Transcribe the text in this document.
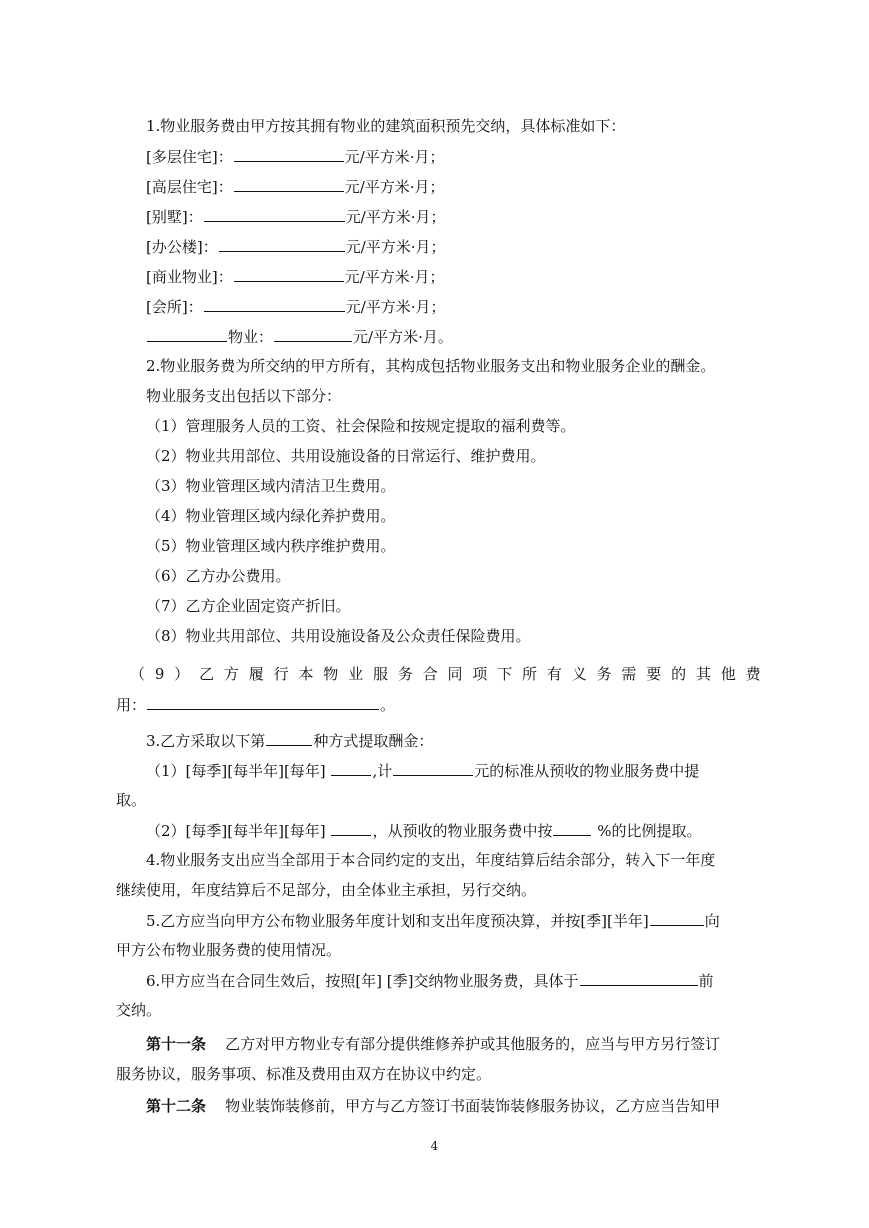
1.物业服务费由甲方按其拥有物业的建筑面积预先交纳，具体标准如下：
[多层住宅]：	元/平方米·月；
[高层住宅]：	元/平方米·月；
[别墅]：	元/平方米·月；
[办公楼]：	元/平方米·月；
[商业物业]：	元/平方米·月；
[会所]：	元/平方米·月；
物业：	元/平方米·月。
2.物业服务费为所交纳的甲方所有，其构成包括物业服务支出和物业服务企业的酬金。
物业服务支出包括以下部分：
（1）管理服务人员的工资、社会保险和按规定提取的福利费等。
（2）物业共用部位、共用设施设备的日常运行、维护费用。
（3）物业管理区域内清洁卫生费用。
（4）物业管理区域内绿化养护费用。
（5）物业管理区域内秩序维护费用。
（6）乙方办公费用。
（7）乙方企业固定资产折旧。
（8）物业共用部位、共用设施设备及公众责任保险费用。
（ 9 ） 乙 方 履 行 本 物 业 服 务 合 同 项 下 所 有 义 务 需 要 的 其 他 费
用：	。
3.乙方采取以下第	种方式提取酬金：
（1）[每季][每半年][每年]	,计	元的标准从预收的物业服务费中提
取。
（2）[每季][每半年][每年]	，从预收的物业服务费中按	%的比例提取。
4.物业服务支出应当全部用于本合同约定的支出，年度结算后结余部分，转入下一年度
继续使用，年度结算后不足部分，由全体业主承担，另行交纳。
5.乙方应当向甲方公布物业服务年度计划和支出年度预决算，并按[季][半年]	向
甲方公布物业服务费的使用情况。
6.甲方应当在合同生效后，按照[年] [季]交纳物业服务费，具体于	前
交纳。
第十一条 乙方对甲方物业专有部分提供维修养护或其他服务的，应当与甲方另行签订
服务协议，服务事项、标准及费用由双方在协议中约定。
第十二条 物业装饰装修前，甲方与乙方签订书面装饰装修服务协议，乙方应当告知甲
4
